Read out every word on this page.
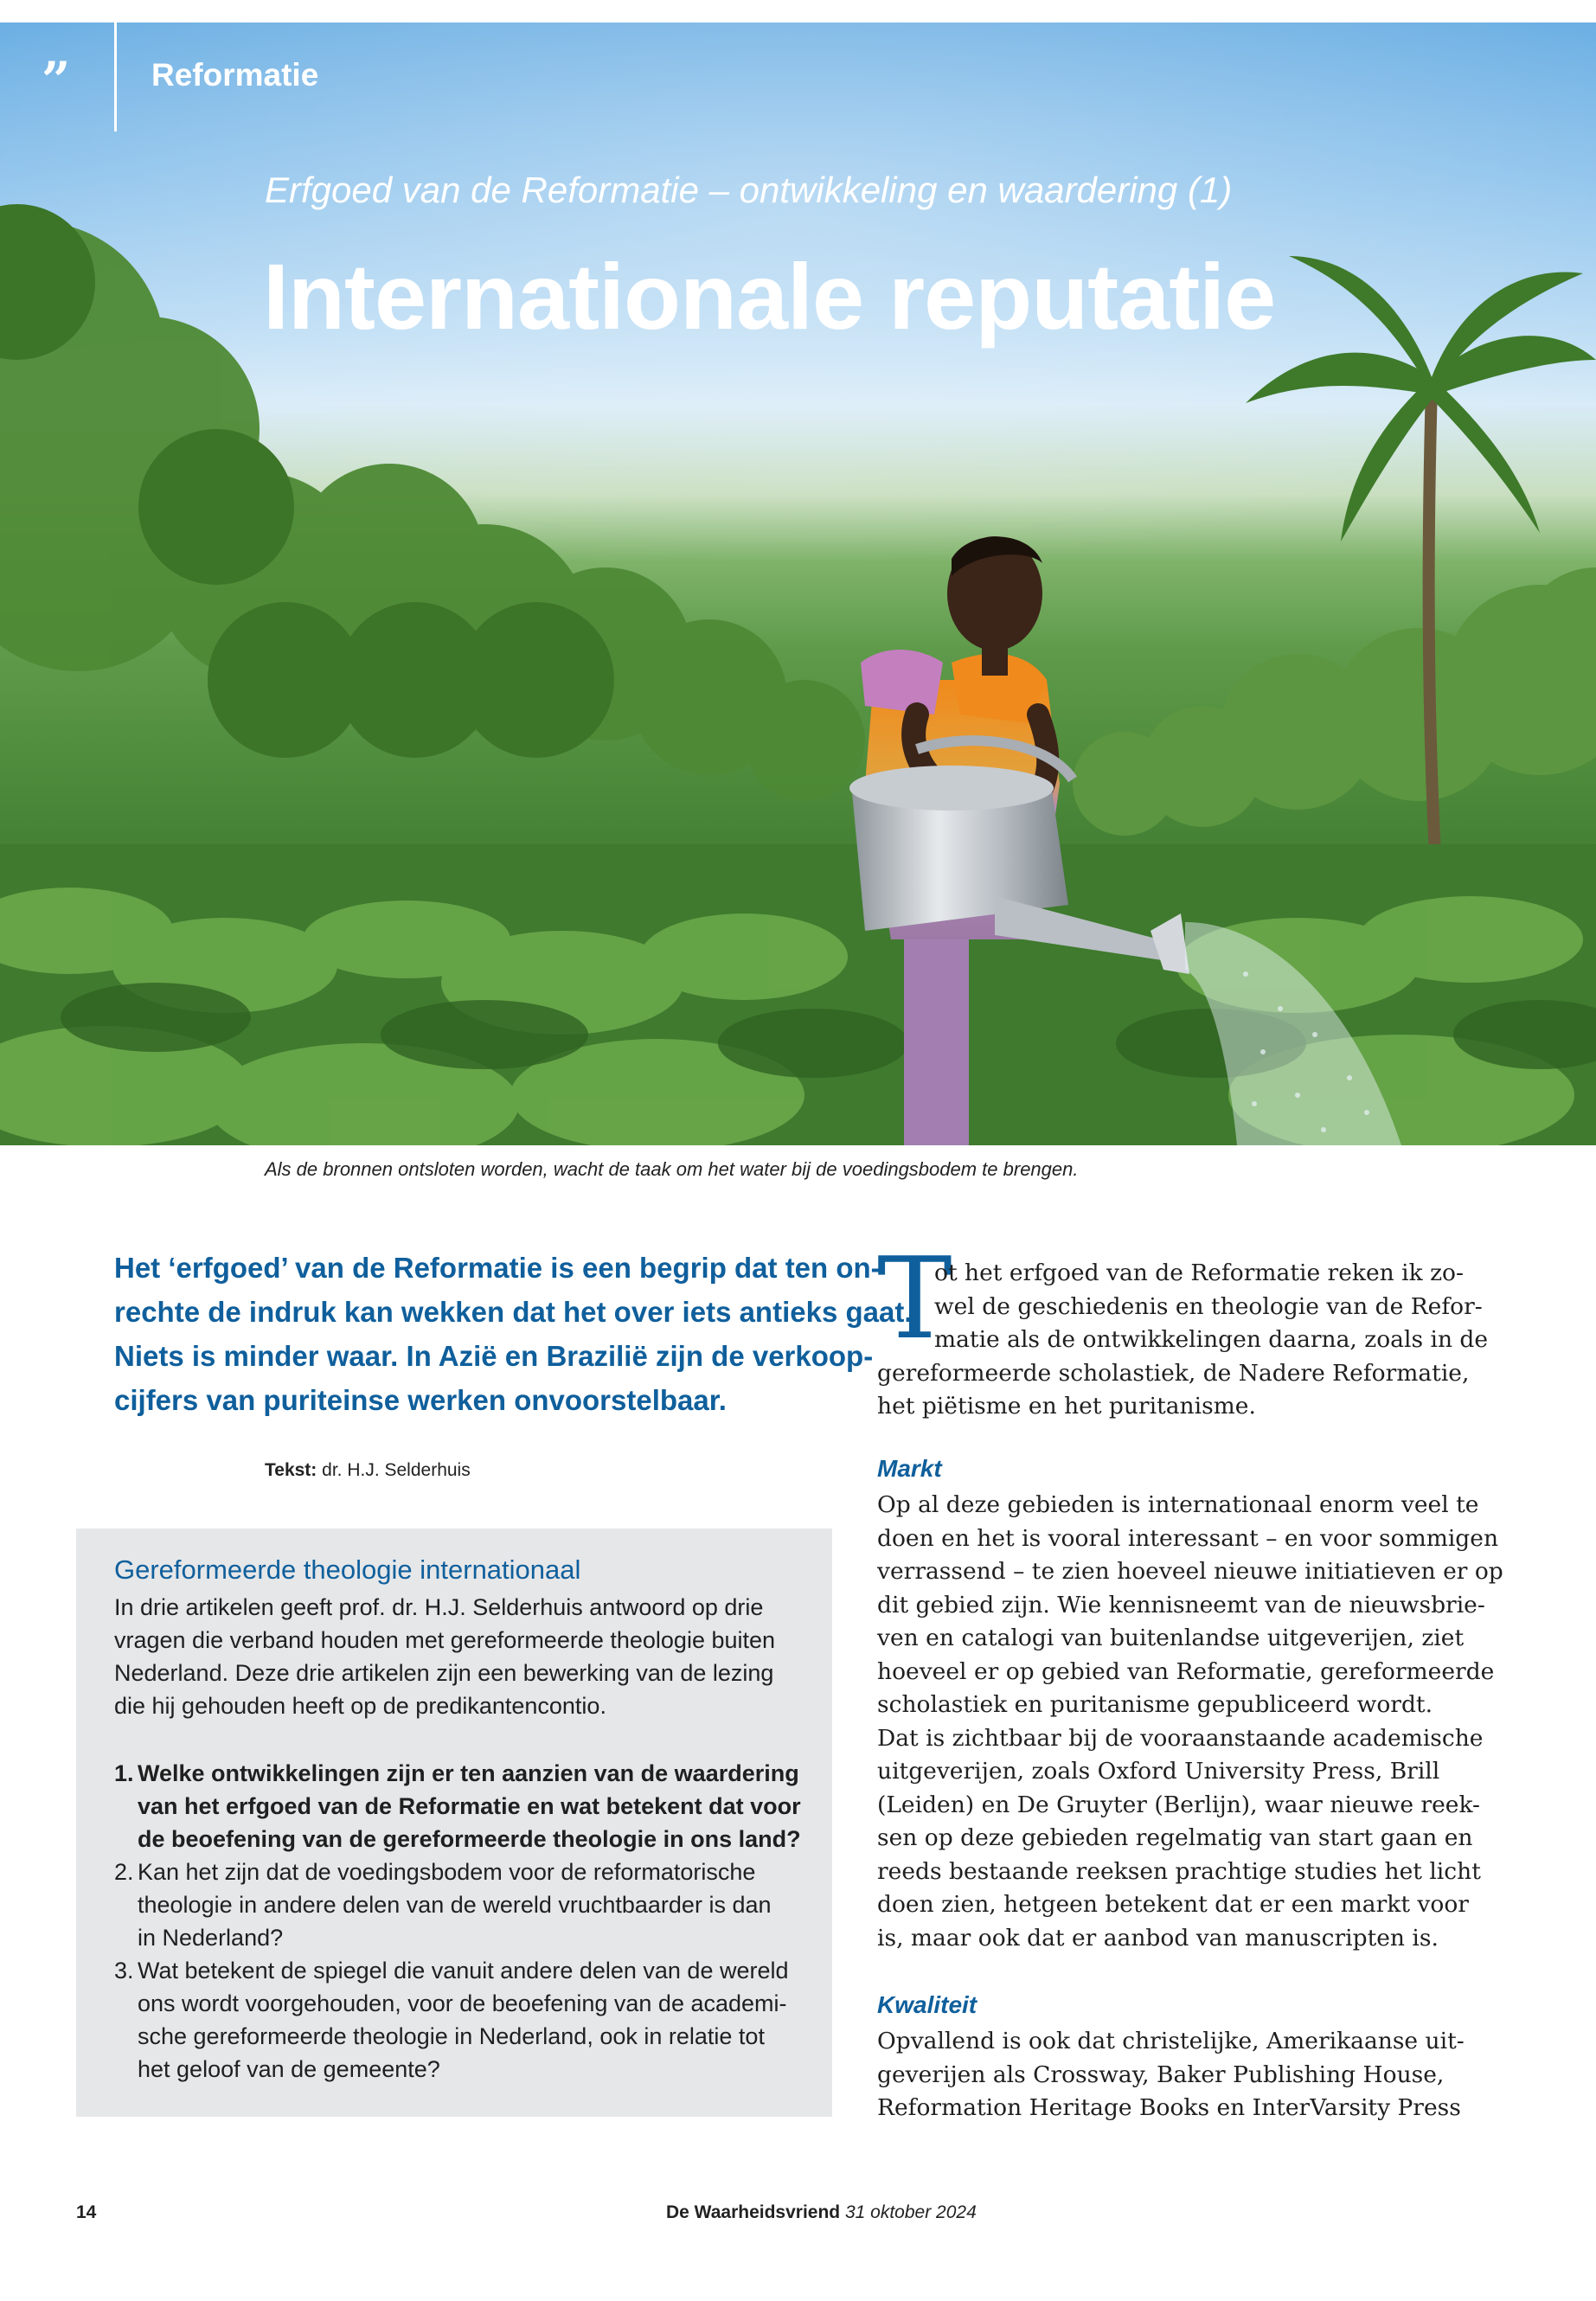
”	Reformatie
Erfgoed van de Reformatie – ontwikkeling en waardering (1)
Internationale reputatie
Als de bronnen ontsloten worden, wacht de taak om het water bij de voedingsbodem te brengen.
Het ‘erfgoed’ van de Reformatie is een begrip dat ten on-
rechte de indruk kan wekken dat het over iets antieks gaat.
Niets is minder waar. In Azië en Brazilië zijn de verkoop-
cijfers van puriteinse werken onvoorstelbaar.
Tekst: dr. H.J. Selderhuis
Gereformeerde theologie internationaal
In drie artikelen geeft prof. dr. H.J. Selderhuis antwoord op drie
vragen die verband houden met gereformeerde theologie buiten
Nederland. Deze drie artikelen zijn een bewerking van de lezing
die hij gehouden heeft op de predikantencontio.
1. Welke ontwikkelingen zijn er ten aanzien van de waardering
van het erfgoed van de Reformatie en wat betekent dat voor
de beoefening van de gereformeerde theologie in ons land?
2. Kan het zijn dat de voedingsbodem voor de reformatorische
theologie in andere delen van de wereld vruchtbaarder is dan
in Nederland?
3. Wat betekent de spiegel die vanuit andere delen van de wereld
ons wordt voorgehouden, voor de beoefening van de academi-
sche gereformeerde theologie in Nederland, ook in relatie tot
het geloof van de gemeente?
T
ot het erfgoed van de Reformatie reken ik zo-
wel de geschiedenis en theologie van de Refor-
matie als de ontwikkelingen daarna, zoals in de
gereformeerde scholastiek, de Nadere Reformatie,
het piëtisme en het puritanisme.
Markt
Op al deze gebieden is internationaal enorm veel te
doen en het is vooral interessant – en voor sommigen
verrassend – te zien hoeveel nieuwe initiatieven er op
dit gebied zijn. Wie kennisneemt van de nieuwsbrie-
ven en catalogi van buitenlandse uitgeverijen, ziet
hoeveel er op gebied van Reformatie, gereformeerde
scholastiek en puritanisme gepubliceerd wordt.
Dat is zichtbaar bij de vooraanstaande academische
uitgeverijen, zoals Oxford University Press, Brill
(Leiden) en De Gruyter (Berlijn), waar nieuwe reek-
sen op deze gebieden regelmatig van start gaan en
reeds bestaande reeksen prachtige studies het licht
doen zien, hetgeen betekent dat er een markt voor
is, maar ook dat er aanbod van manuscripten is.
Kwaliteit
Opvallend is ook dat christelijke, Amerikaanse uit-
geverijen als Crossway, Baker Publishing House,
Reformation Heritage Books en InterVarsity Press
14	De Waarheidsvriend 31 oktober 2024
